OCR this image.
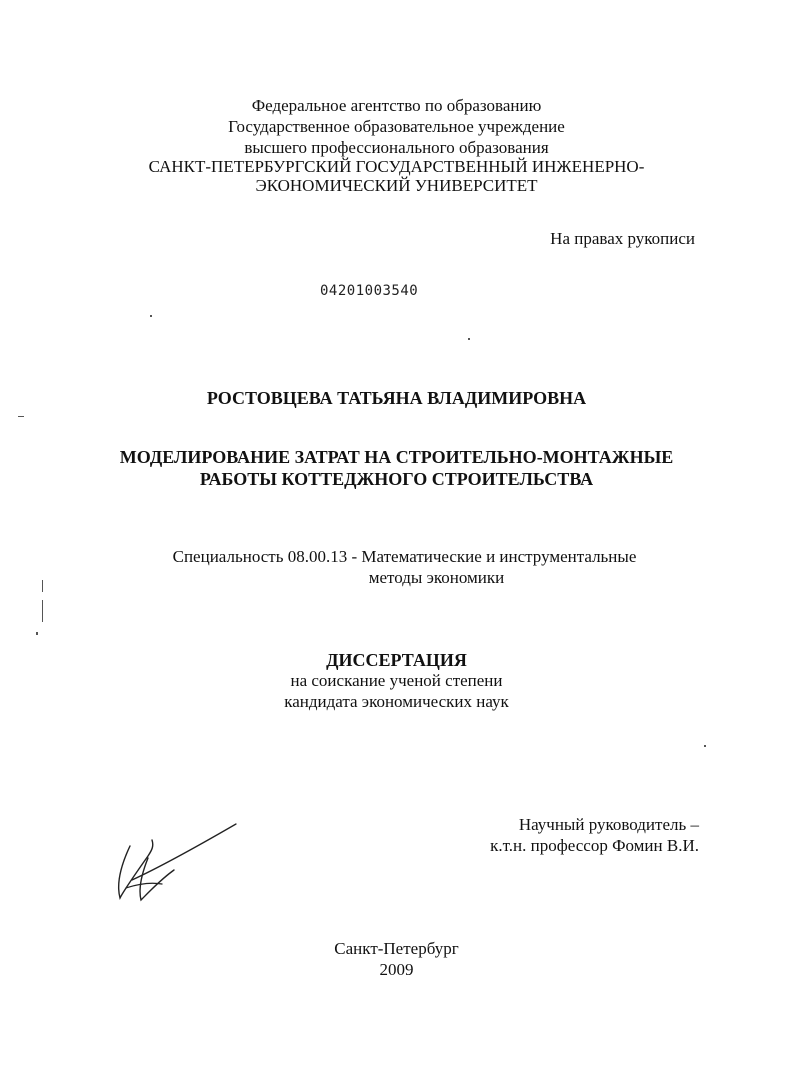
Федеральное агентство по образованию
Государственное образовательное учреждение
высшего профессионального образования
САНКТ-ПЕТЕРБУРГСКИЙ ГОСУДАРСТВЕННЫЙ ИНЖЕНЕРНО-
ЭКОНОМИЧЕСКИЙ УНИВЕРСИТЕТ
На правах рукописи
04201003540
РОСТОВЦЕВА ТАТЬЯНА ВЛАДИМИРОВНА
МОДЕЛИРОВАНИЕ ЗАТРАТ НА СТРОИТЕЛЬНО-МОНТАЖНЫЕ
РАБОТЫ КОТТЕДЖНОГО СТРОИТЕЛЬСТВА
Специальность 08.00.13 - Математические и инструментальные
методы экономики
ДИССЕРТАЦИЯ
на соискание ученой степени
кандидата экономических наук
Научный руководитель –
к.т.н. профессор Фомин В.И.
Санкт-Петербург
2009
